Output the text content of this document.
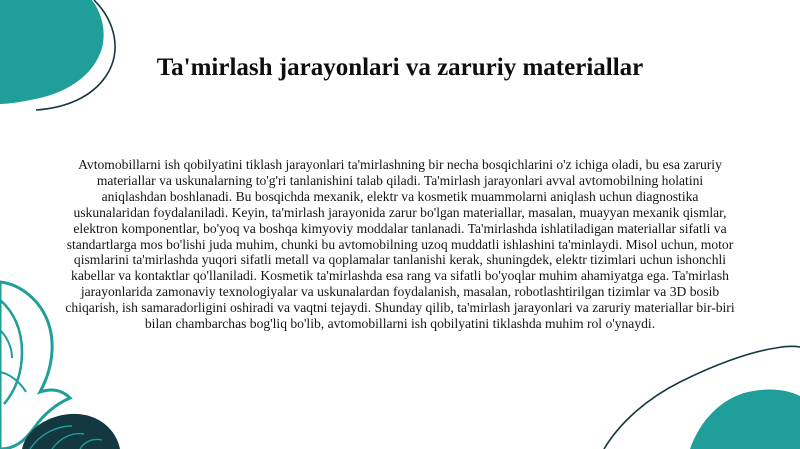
Ta'mirlash jarayonlari va zaruriy materiallar

Avtomobillarni ish qobilyatini tiklash jarayonlari ta'mirlashning bir necha bosqichlarini o'z ichiga oladi, bu esa zaruriy materiallar va uskunalarning to'g'ri tanlanishini talab qiladi. Ta'mirlash jarayonlari avval avtomobilning holatini aniqlashdan boshlanadi. Bu bosqichda mexanik, elektr va kosmetik muammolarni aniqlash uchun diagnostika uskunalaridan foydalaniladi. Keyin, ta'mirlash jarayonida zarur bo'lgan materiallar, masalan, muayyan mexanik qismlar, elektron komponentlar, bo'yoq va boshqa kimyoviy moddalar tanlanadi. Ta'mirlashda ishlatiladigan materiallar sifatli va standartlarga mos bo'lishi juda muhim, chunki bu avtomobilning uzoq muddatli ishlashini ta'minlaydi. Misol uchun, motor qismlarini ta'mirlashda yuqori sifatli metall va qoplamalar tanlanishi kerak, shuningdek, elektr tizimlari uchun ishonchli kabellar va kontaktlar qo'llaniladi. Kosmetik ta'mirlashda esa rang va sifatli bo'yoqlar muhim ahamiyatga ega. Ta'mirlash jarayonlarida zamonaviy texnologiyalar va uskunalardan foydalanish, masalan, robotlashtirilgan tizimlar va 3D bosib chiqarish, ish samaradorligini oshiradi va vaqtni tejaydi. Shunday qilib, ta'mirlash jarayonlari va zaruriy materiallar bir-biri bilan chambarchas bog'liq bo'lib, avtomobillarni ish qobilyatini tiklashda muhim rol o'ynaydi.
